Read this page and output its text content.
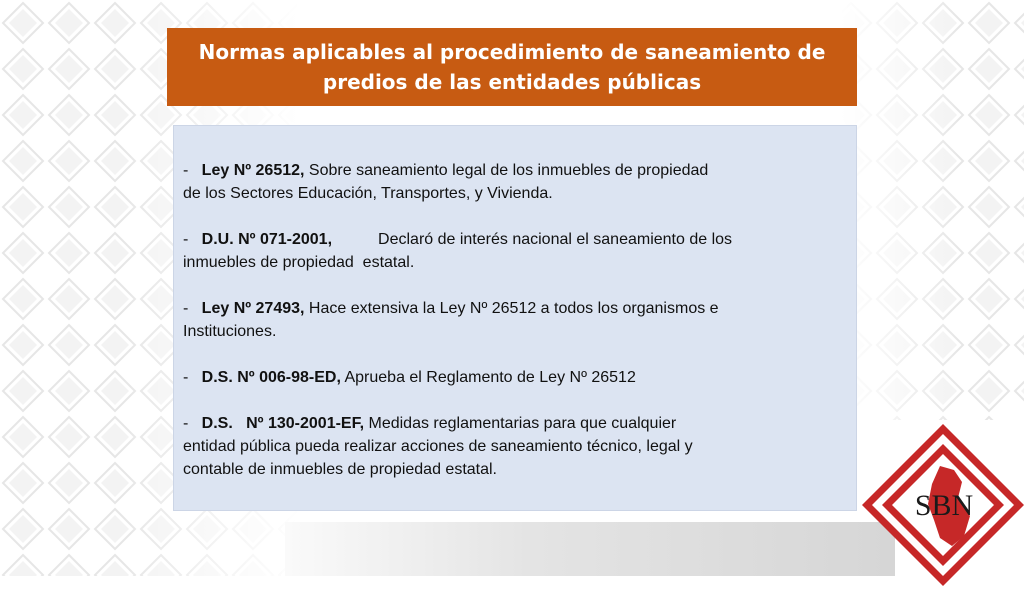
Normas aplicables al procedimiento de saneamiento de
predios de las entidades públicas
- Ley Nº 26512, Sobre saneamiento legal de los inmuebles de propiedad
de los Sectores Educación, Transportes, y Vivienda.
- D.U. Nº 071-2001,	Declaró de interés nacional el saneamiento de los
inmuebles de propiedad  estatal.
- Ley Nº 27493, Hace extensiva la Ley Nº 26512 a todos los organismos e
Instituciones.
- D.S. Nº 006-98-ED, Aprueba el Reglamento de Ley Nº 26512
- D.S.   Nº 130-2001-EF, Medidas reglamentarias para que cualquier
entidad pública pueda realizar acciones de saneamiento técnico, legal y
contable de inmuebles de propiedad estatal.
SBN
